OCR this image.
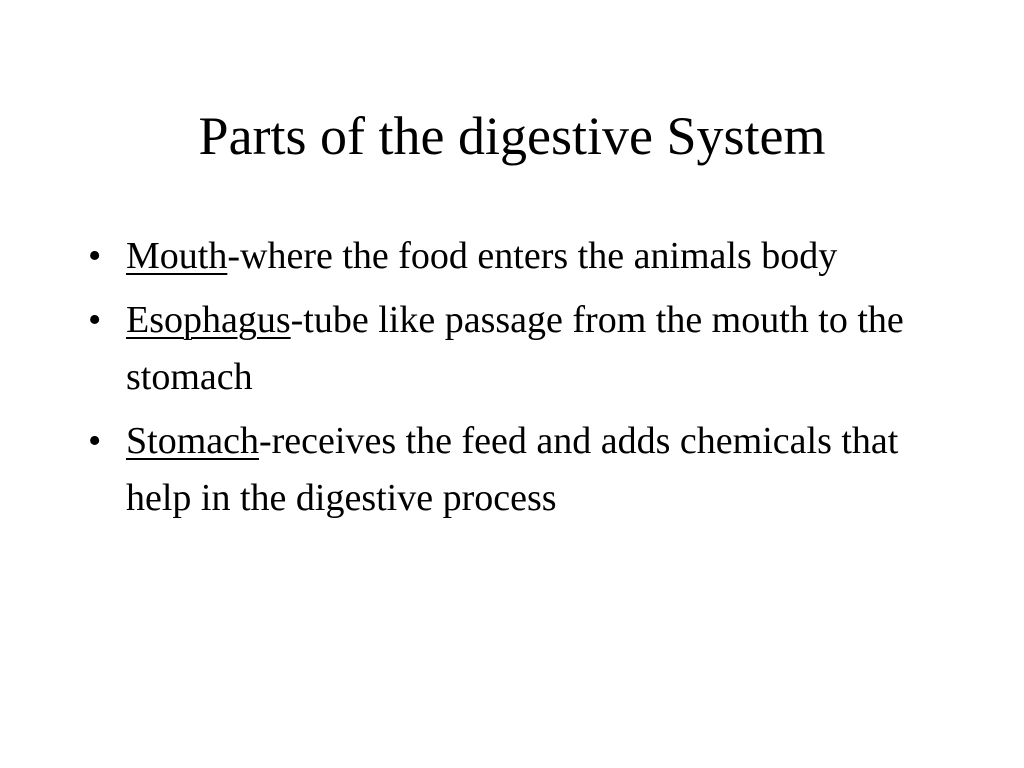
Parts of the digestive System
• Mouth-where the food enters the animals body
• Esophagus-tube like passage from the mouth to the stomach
• Stomach-receives the feed and adds chemicals that help in the digestive process
